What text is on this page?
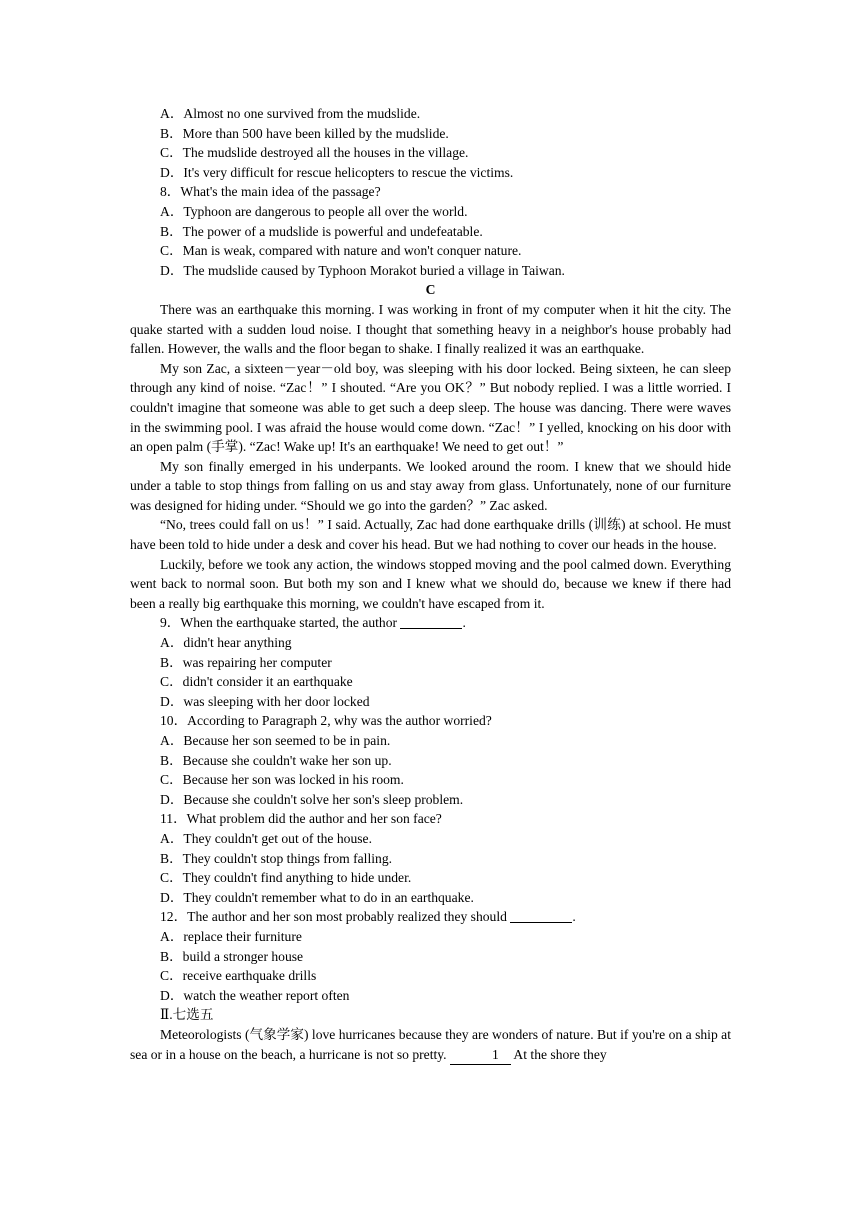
A．Almost no one survived from the mudslide.
B．More than 500 have been killed by the mudslide.
C．The mudslide destroyed all the houses in the village.
D．It's very difficult for rescue helicopters to rescue the victims.
8．What's the main idea of the passage?
A．Typhoon are dangerous to people all over the world.
B．The power of a mudslide is powerful and undefeatable.
C．Man is weak, compared with nature and won't conquer nature.
D．The mudslide caused by Typhoon Morakot buried a village in Taiwan.
C
There was an earthquake this morning. I was working in front of my computer when it hit the city. The quake started with a sudden loud noise. I thought that something heavy in a neighbor's house probably had fallen. However, the walls and the floor began to shake. I finally realized it was an earthquake.
My son Zac, a sixteen－year－old boy, was sleeping with his door locked. Being sixteen, he can sleep through any kind of noise. “Zac！” I shouted. “Are you OK？” But nobody replied. I was a little worried. I couldn't imagine that someone was able to get such a deep sleep. The house was dancing. There were waves in the swimming pool. I was afraid the house would come down. “Zac！” I yelled, knocking on his door with an open palm (手掌). “Zac! Wake up! It's an earthquake! We need to get out！”
My son finally emerged in his underpants. We looked around the room. I knew that we should hide under a table to stop things from falling on us and stay away from glass. Unfortunately, none of our furniture was designed for hiding under. “Should we go into the garden？” Zac asked.
“No, trees could fall on us！” I said. Actually, Zac had done earthquake drills (训练) at school. He must have been told to hide under a desk and cover his head. But we had nothing to cover our heads in the house.
Luckily, before we took any action, the windows stopped moving and the pool calmed down. Everything went back to normal soon. But both my son and I knew what we should do, because we knew if there had been a really big earthquake this morning, we couldn't have escaped from it.
9．When the earthquake started, the author	.
A．didn't hear anything
B．was repairing her computer
C．didn't consider it an earthquake
D．was sleeping with her door locked
10．According to Paragraph 2, why was the author worried?
A．Because her son seemed to be in pain.
B．Because she couldn't wake her son up.
C．Because her son was locked in his room.
D．Because she couldn't solve her son's sleep problem.
11．What problem did the author and her son face?
A．They couldn't get out of the house.
B．They couldn't stop things from falling.
C．They couldn't find anything to hide under.
D．They couldn't remember what to do in an earthquake.
12．The author and her son most probably realized they should	.
A．replace their furniture
B．build a stronger house
C．receive earthquake drills
D．watch the weather report often
Ⅱ.七选五
Meteorologists (气象学家) love hurricanes because they are wonders of nature. But if you're on a ship at sea or in a house on the beach, a hurricane is not so pretty.	1 At the shore they
